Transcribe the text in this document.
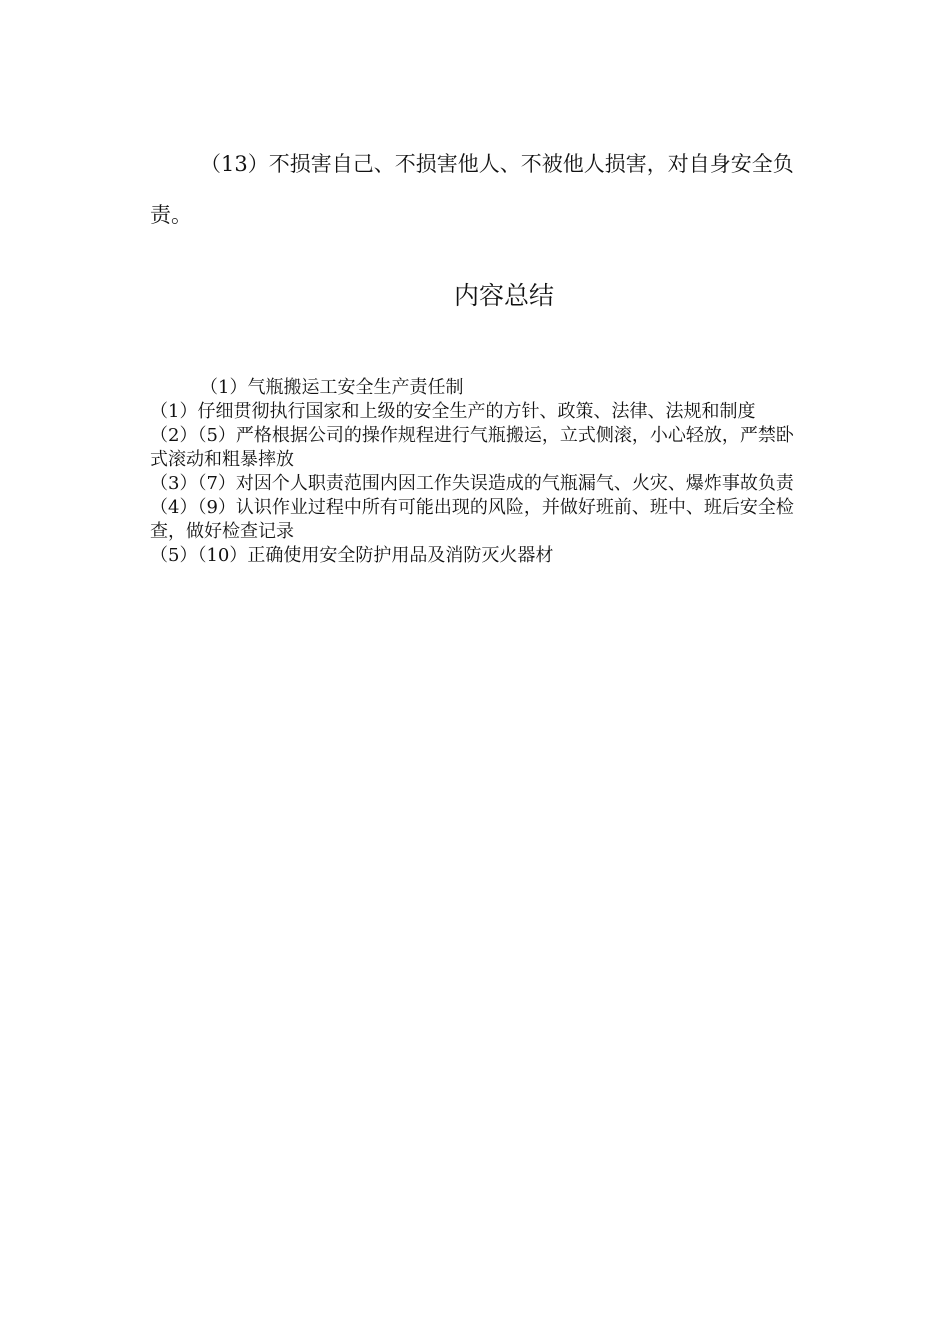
（13）不损害自己、不损害他人、不被他人损害，对自身安全负责。

内容总结

（1）气瓶搬运工安全生产责任制

（1）仔细贯彻执行国家和上级的安全生产的方针、政策、法律、法规和制度

（2）（5）严格根据公司的操作规程进行气瓶搬运，立式侧滚，小心轻放，严禁卧式滚动和粗暴摔放

（3）（7）对因个人职责范围内因工作失误造成的气瓶漏气、火灾、爆炸事故负责

（4）（9）认识作业过程中所有可能出现的风险，并做好班前、班中、班后安全检查，做好检查记录

（5）（10）正确使用安全防护用品及消防灭火器材
